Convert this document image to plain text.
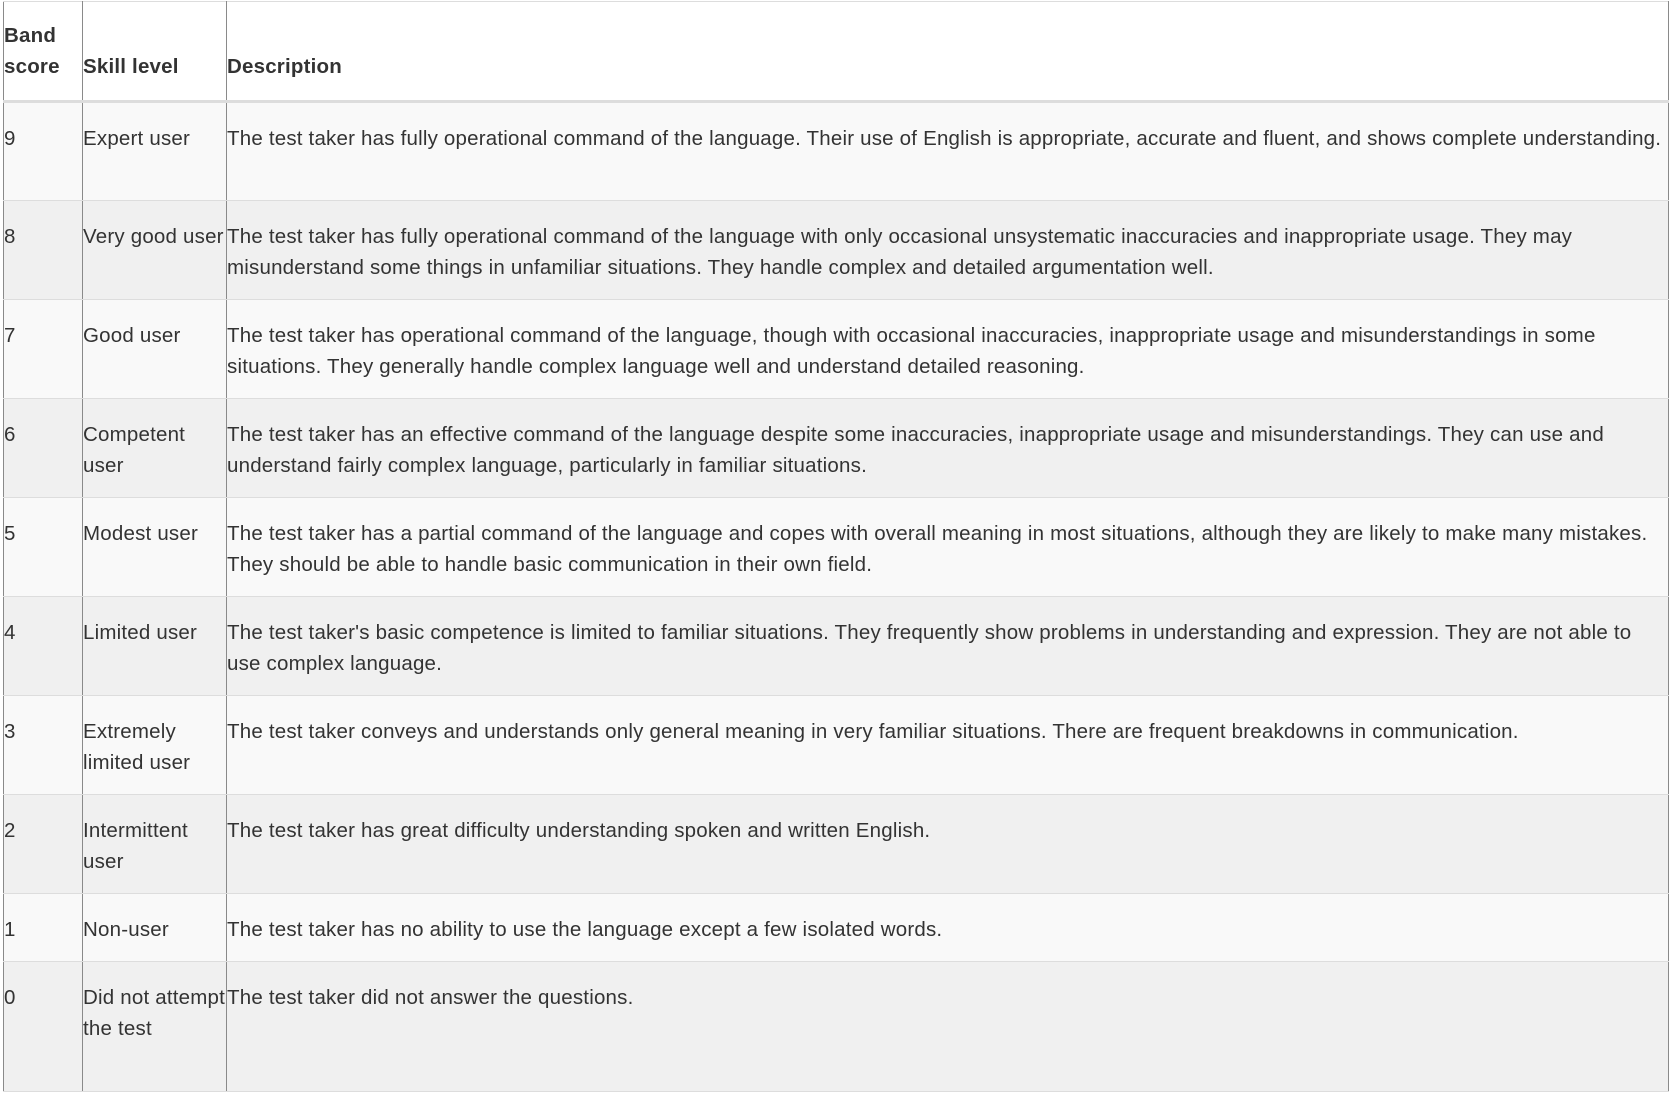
Band score	Skill level	Description
9	Expert user	The test taker has fully operational command of the language. Their use of English is appropriate, accurate and fluent, and shows complete understanding.
8	Very good user	The test taker has fully operational command of the language with only occasional unsystematic inaccuracies and inappropriate usage. They may misunderstand some things in unfamiliar situations. They handle complex and detailed argumentation well.
7	Good user	The test taker has operational command of the language, though with occasional inaccuracies, inappropriate usage and misunderstandings in some situations. They generally handle complex language well and understand detailed reasoning.
6	Competent user	The test taker has an effective command of the language despite some inaccuracies, inappropriate usage and misunderstandings. They can use and understand fairly complex language, particularly in familiar situations.
5	Modest user	The test taker has a partial command of the language and copes with overall meaning in most situations, although they are likely to make many mistakes. They should be able to handle basic communication in their own field.
4	Limited user	The test taker's basic competence is limited to familiar situations. They frequently show problems in understanding and expression. They are not able to use complex language.
3	Extremely limited user	The test taker conveys and understands only general meaning in very familiar situations. There are frequent breakdowns in communication.
2	Intermittent user	The test taker has great difficulty understanding spoken and written English.
1	Non-user	The test taker has no ability to use the language except a few isolated words.
0	Did not attempt the test	The test taker did not answer the questions.
